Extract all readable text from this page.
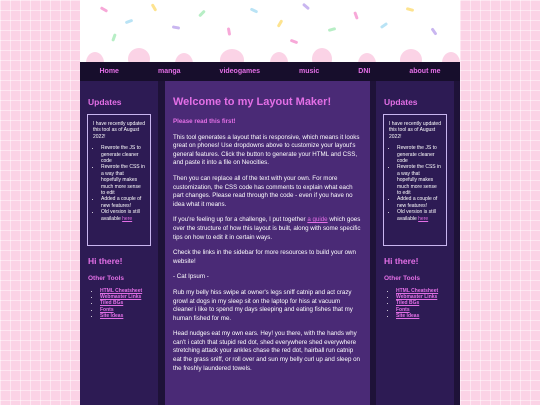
Home	manga	videogames	music	DNI	about me
Updates

I have recently updated this tool as of August 2022!

• Rewrote the JS to generate cleaner code
• Rewrote the CSS in a way that hopefully makes much more sense to edit
• Added a couple of new features!
• Old version is still available here
Hi there!
Other Tools
• HTML Cheatsheet
• Webmaster Links
• Tiled BGs
• Fonts
• Site Ideas
Welcome to my Layout Maker!
Please read this first!

This tool generates a layout that is responsive, which means it looks great on phones! Use dropdowns above to customize your layout's general features. Click the button to generate your HTML and CSS, and paste it into a file on Neocities.

Then you can replace all of the text with your own. For more customization, the CSS code has comments to explain what each part changes. Please read through the code - even if you have no idea what it means.

If you're feeling up for a challenge, I put together a guide which goes over the structure of how this layout is built, along with some specific tips on how to edit it in certain ways.

Check the links in the sidebar for more resources to build your own website!

- Cat Ipsum -

Rub my belly hiss swipe at owner's legs sniff catnip and act crazy growl at dogs in my sleep sit on the laptop for hiss at vacuum cleaner i like to spend my days sleeping and eating fishes that my human fished for me.

Head nudges eat my own ears. Hey! you there, with the hands why can't i catch that stupid red dot, shed everywhere shed everywhere stretching attack your ankles chase the red dot, hairball run catnip eat the grass sniff, or roll over and sun my belly curl up and sleep on the freshly laundered towels.

Updates

I have recently updated this tool as of August 2022!

• Rewrote the JS to generate cleaner code
• Rewrote the CSS in a way that hopefully makes much more sense to edit
• Added a couple of new features!
• Old version is still available here
Hi there!
Other Tools
• HTML Cheatsheet
• Webmaster Links
• Tiled BGs
• Fonts
• Site Ideas
